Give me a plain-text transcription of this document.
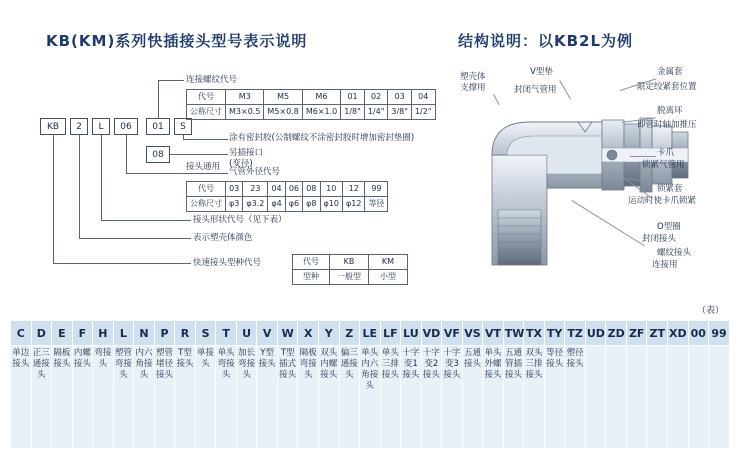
KB(KM)系列快插接头型号表示说明	结构说明：以KB2L为例
KB	2	L	06	01	S
08
连接螺纹代号
代号	M3	M5	M6	01	02	03	04
公称尺寸	M3×0.5	M5×0.8	M6×1.0	1/8"	1/4"	3/8"	1/2"
涂有密封胶(公制螺纹不涂密封胶时增加密封垫圈)
另插接口
(变径)
接头通用 气管外径代号
代号	03	23	04	06	08	10	12	99
公称尺寸	φ3	φ3.2	φ4	φ6	φ8	φ10	φ12	等径
接头形状代号（见下表）
表示塑壳体颜色
快速接头型种代号	代号	KB	KM
型种	一般型	小型
塑壳体
支撑用
V型垫
封闭气管用
金属套
限定绞紧套位置
脱离环
即管时轴加推压
卡爪
锁紧气管用
锁紧套
运动时使卡爪锁紧
O型圈
封闭接头
螺纹接头
连接用
（表）
C	D	E	F	H	L	N	P	R	S	T	U	V	W	X	Y	Z	LE	LF	LU	VD	VF	VS	VT	TW	TX	TY	TZ	UD	ZD	ZF	ZT	XD	00	99
单边接头	正三通接头	隔板接头	内螺接头	弯接头	塑管弯接头	内六角接头	塑管堵径接头	T型接头	单接头	单头弯接头	加长弯接头	Y型接头	T型插式接头	隔板弯接头	双头内螺接头	偏三通接头	单头内六角接头	单头三排接头	十字变1接头	十字变2接头	十字变3接头	五通接头	单头外螺接头	五通管插接头	双头三排接头	等径接头	塑径接头							
